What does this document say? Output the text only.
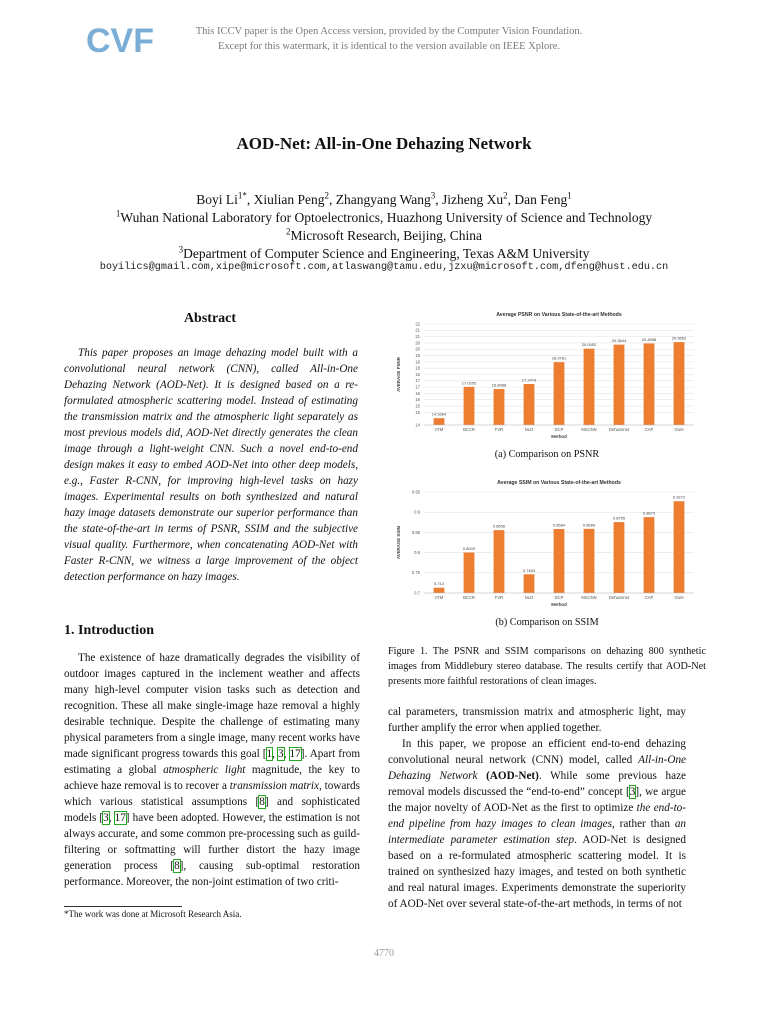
CVF	This ICCV paper is the Open Access version, provided by the Computer Vision Foundation.
Except for this watermark, it is identical to the version available on IEEE Xplore.
AOD-Net: All-in-One Dehazing Network
Boyi $Li^{1*}$, Xiulian Peng$^2$, Zhangyang Wang$^3$, Jizheng Xu$^2$, Dan Feng$^1$
$^1$Wuhan National Laboratory for Optoelectronics, Huazhong University of Science and Technology
$^2$Microsoft Research, Beijing, China
$^3$Department of Computer Science and Engineering, Texas A&M University
boyilics@gmail.com,xipe@microsoft.com,atlaswang@tamu.edu,jzxu@microsoft.com,dfeng@hust.edu.cn
Abstract
This paper proposes an image dehazing model built with a convolutional neural network (CNN), called All-in-One Dehazing Network (AOD-Net). It is designed based on a re-formulated atmospheric scattering model. Instead of estimating the transmission matrix and the atmospheric light separately as most previous models did, AOD-Net directly generates the clean image through a light-weight CNN. Such a novel end-to-end design makes it easy to embed AOD-Net into other deep models, e.g., Faster R-CNN, for improving high-level tasks on hazy images. Experimental results on both synthesized and natural hazy image datasets demonstrate our superior performance than the state-of-the-art in terms of PSNR, SSIM and the subjective visual quality. Furthermore, when concatenating AOD-Net with Faster R-CNN, we witness a large improvement of the object detection performance on hazy images.
1. Introduction
The existence of haze dramatically degrades the visibility of outdoor images captured in the inclement weather and affects many high-level computer vision tasks such as detection and recognition. These all make single-image haze removal a highly desirable technique. Despite the challenge of estimating many physical parameters from a single image, many recent works have made significant progress towards this goal [1, 3, 17]. Apart from estimating a global atmospheric light magnitude, the key to achieve haze removal is to recover a transmission matrix, towards which various statistical assumptions [8] and sophisticated models [3, 17] have been adopted. However, the estimation is not always accurate, and some common pre-processing such as guild-filtering or softmatting will further distort the hazy image generation process [8], causing sub-optimal restoration performance. Moreover, the non-joint estimation of two criti-
*The work was done at Microsoft Research Asia.
Average PSNR on Various State-of-the-art Methods
14
15
15
16
16
17
17
18
18
19
19
20
20
21
21
22
AVERAGE PSNR
14.5364
ATM
17.0205
BCCR
16.8488
FVR
17.2479
NLD
18.9781
DCP
20.0452
MSCNN
20.3644
Dehazenet
20.4598
CAP
20.5652
Ours
Method
(a) Comparison on PSNR
Average SSIM on Various State-of-the-art Methods
0.7
0.75
0.8
0.85
0.9
0.95
AVERAGE SSIM
0.713
ATM
0.8003
BCCR
0.8556
FVR
0.7463
NLD
0.8584
DCP
0.8589
MSCNN
0.8755
Dehazenet
0.8879
CAP
0.9272
Ours
Method
(b) Comparison on SSIM
Figure 1. The PSNR and SSIM comparisons on dehazing 800 synthetic images from Middlebury stereo database. The results certify that AOD-Net presents more faithful restorations of clean images.

cal parameters, transmission matrix and atmospheric light, may further amplify the error when applied together.

In this paper, we propose an efficient end-to-end dehazing convolutional neural network (CNN) model, called All-in-One Dehazing Network (AOD-Net). While some previous haze removal models discussed the “end-to-end” concept [3], we argue the major novelty of AOD-Net as the first to optimize the end-to-end pipeline from hazy images to clean images, rather than an intermediate parameter estimation step. AOD-Net is designed based on a re-formulated atmospheric scattering model. It is trained on synthesized hazy images, and tested on both synthetic and real natural images. Experiments demonstrate the superiority of AOD-Net over several state-of-the-art methods, in terms of not

4770
